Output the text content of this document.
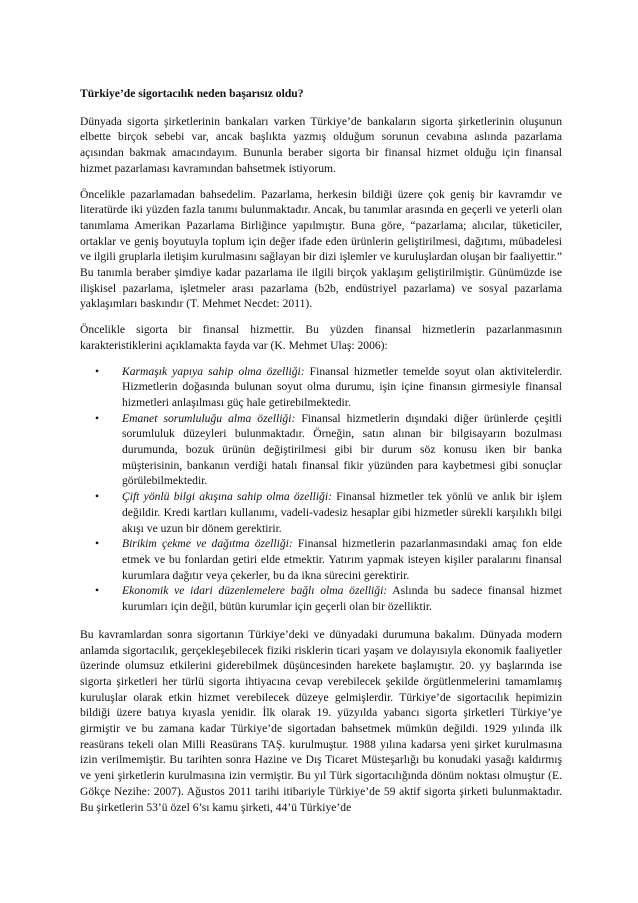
Türkiye’de sigortacılık neden başarısız oldu?

Dünyada sigorta şirketlerinin bankaları varken Türkiye’de bankaların sigorta şirketlerinin oluşunun elbette birçok sebebi var, ancak başlıkta yazmış olduğum sorunun cevabına aslında pazarlama açısından bakmak amacındayım. Bununla beraber sigorta bir finansal hizmet olduğu için finansal hizmet pazarlaması kavramından bahsetmek istiyorum.

Öncelikle pazarlamadan bahsedelim. Pazarlama, herkesin bildiği üzere çok geniş bir kavramdır ve literatürde iki yüzden fazla tanımı bulunmaktadır. Ancak, bu tanımlar arasında en geçerli ve yeterli olan tanımlama Amerikan Pazarlama Birliğince yapılmıştır. Buna göre, “pazarlama; alıcılar, tüketiciler, ortaklar ve geniş boyutuyla toplum için değer ifade eden ürünlerin geliştirilmesi, dağıtımı, mübadelesi ve ilgili gruplarla iletişim kurulmasını sağlayan bir dizi işlemler ve kuruluşlardan oluşan bir faaliyettir.” Bu tanımla beraber şimdiye kadar pazarlama ile ilgili birçok yaklaşım geliştirilmiştir. Günümüzde ise ilişkisel pazarlama, işletmeler arası pazarlama (b2b, endüstriyel pazarlama) ve sosyal pazarlama yaklaşımları baskındır (T. Mehmet Necdet: 2011).

Öncelikle sigorta bir finansal hizmettir. Bu yüzden finansal hizmetlerin pazarlanmasının karakteristiklerini açıklamakta fayda var (K. Mehmet Ulaş: 2006):

• Karmaşık yapıya sahip olma özelliği: Finansal hizmetler temelde soyut olan aktivitelerdir. Hizmetlerin doğasında bulunan soyut olma durumu, işin içine finansın girmesiyle finansal hizmetleri anlaşılması güç hale getirebilmektedir.
• Emanet sorumluluğu alma özelliği: Finansal hizmetlerin dışındaki diğer ürünlerde çeşitli sorumluluk düzeyleri bulunmaktadır. Örneğin, satın alınan bir bilgisayarın bozulması durumunda, bozuk ürünün değiştirilmesi gibi bir durum söz konusu iken bir banka müşterisinin, bankanın verdiği hatalı finansal fikir yüzünden para kaybetmesi gibi sonuçlar görülebilmektedir.
• Çift yönlü bilgi akışına sahip olma özelliği: Finansal hizmetler tek yönlü ve anlık bir işlem değildir. Kredi kartları kullanımı, vadeli-vadesiz hesaplar gibi hizmetler sürekli karşılıklı bilgi akışı ve uzun bir dönem gerektirir.
• Birikim çekme ve dağıtma özelliği: Finansal hizmetlerin pazarlanmasındaki amaç fon elde etmek ve bu fonlardan getiri elde etmektir. Yatırım yapmak isteyen kişiler paralarını finansal kurumlara dağıtır veya çekerler, bu da ikna sürecini gerektirir.
• Ekonomik ve idari düzenlemelere bağlı olma özelliği: Aslında bu sadece finansal hizmet kurumları için değil, bütün kurumlar için geçerli olan bir özelliktir.

Bu kavramlardan sonra sigortanın Türkiye’deki ve dünyadaki durumuna bakalım. Dünyada modern anlamda sigortacılık, gerçekleşebilecek fiziki risklerin ticari yaşam ve dolayısıyla ekonomik faaliyetler üzerinde olumsuz etkilerini giderebilmek düşüncesinden harekete başlamıştır. 20. yy başlarında ise sigorta şirketleri her türlü sigorta ihtiyacına cevap verebilecek şekilde örgütlenmelerini tamamlamış kuruluşlar olarak etkin hizmet verebilecek düzeye gelmişlerdir. Türkiye’de sigortacılık hepimizin bildiği üzere batıya kıyasla yenidir. İlk olarak 19. yüzyılda yabancı sigorta şirketleri Türkiye’ye girmiştir ve bu zamana kadar Türkiye’de sigortadan bahsetmek mümkün değildi. 1929 yılında ilk reasürans tekeli olan Milli Reasürans TAŞ. kurulmuştur. 1988 yılına kadarsa yeni şirket kurulmasına izin verilmemiştir. Bu tarihten sonra Hazine ve Dış Ticaret Müsteşarlığı bu konudaki yasağı kaldırmış ve yeni şirketlerin kurulmasına izin vermiştir. Bu yıl Türk sigortacılığında dönüm noktası olmuştur (E. Gökçe Nezihe: 2007). Ağustos 2011 tarihi itibariyle Türkiye’de 59 aktif sigorta şirketi bulunmaktadır. Bu şirketlerin 53’ü özel 6’sı kamu şirketi, 44’ü Türkiye’de
